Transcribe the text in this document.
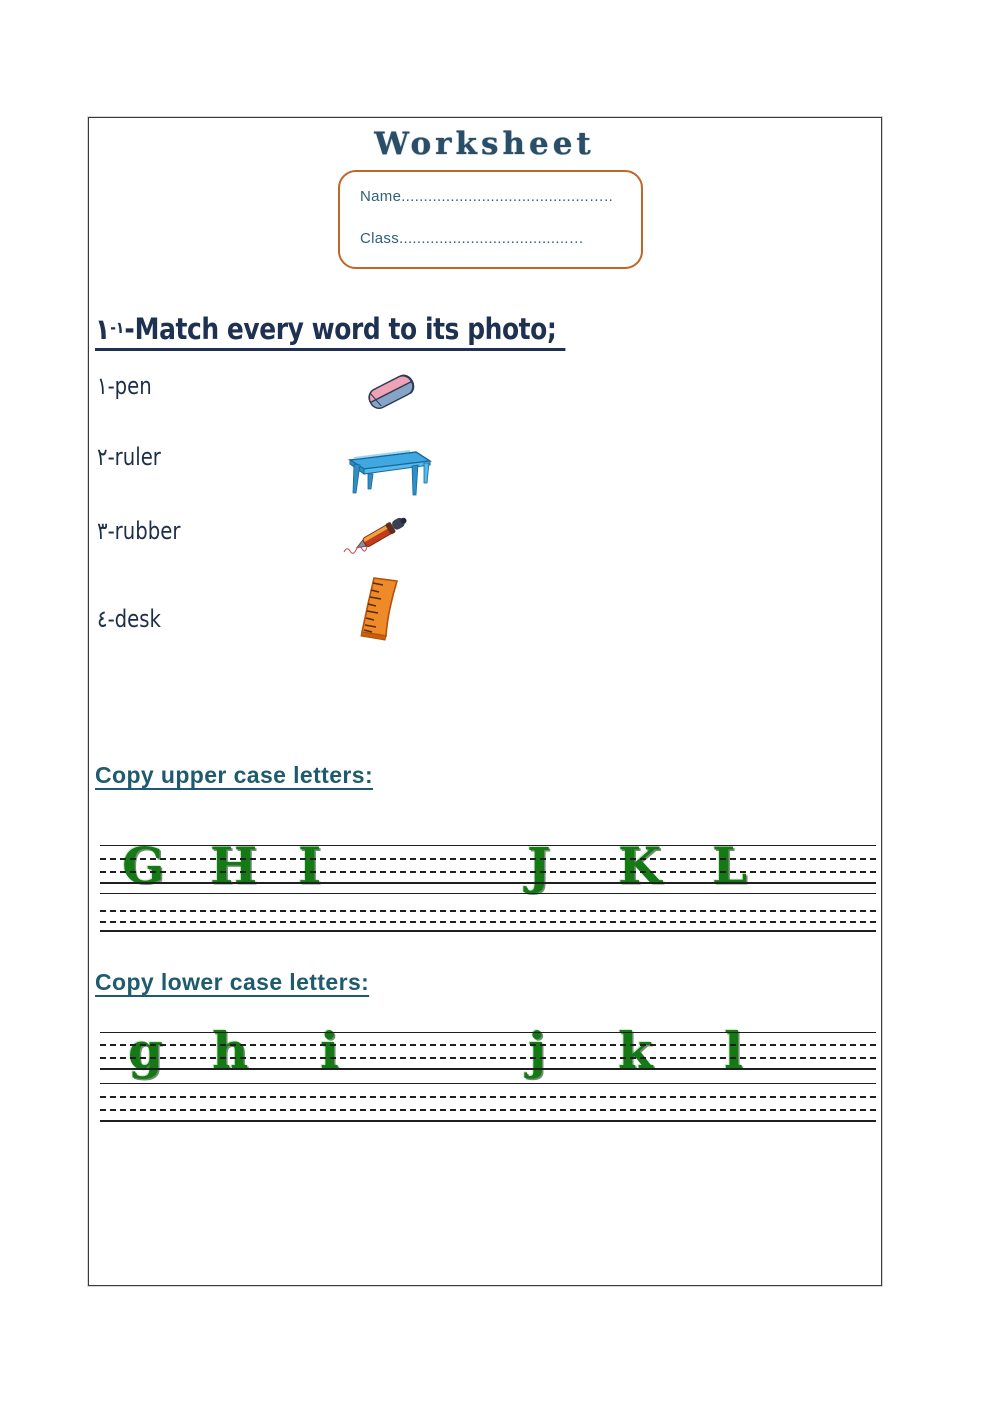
Worksheet
Name..........................................…..
Class......................................…
١-١-Match every word to its photo;
١-pen
٢-ruler
٣-rubber
٤-desk
Copy upper case letters:
G H I	J K L
Copy lower case letters:
g h i	j k l
